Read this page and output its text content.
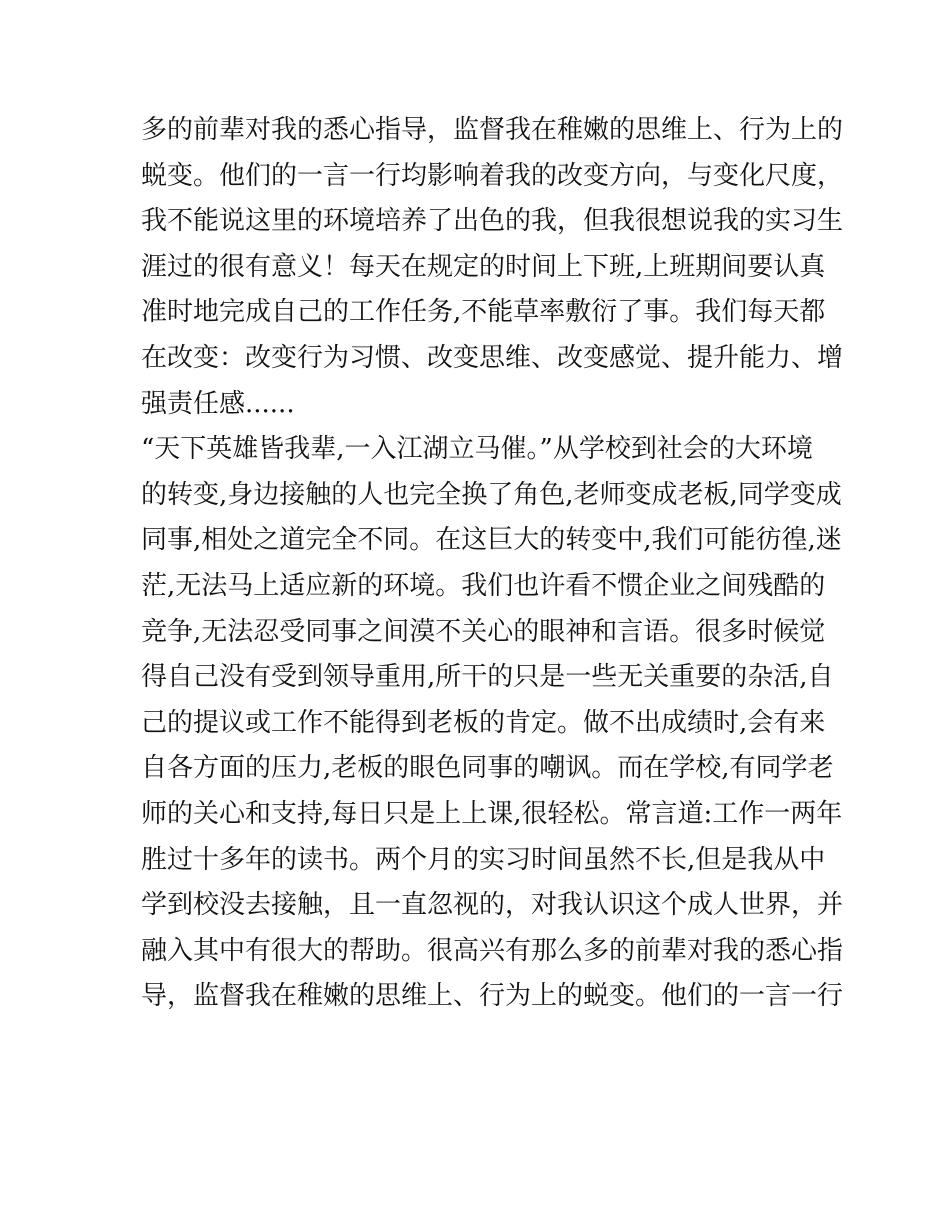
多的前辈对我的悉心指导，监督我在稚嫩的思维上、行为上的
蜕变。他们的一言一行均影响着我的改变方向，与变化尺度，
我不能说这里的环境培养了出色的我，但我很想说我的实习生
涯过的很有意义！每天在规定的时间上下班,上班期间要认真
准时地完成自己的工作任务,不能草率敷衍了事。我们每天都
在改变：改变行为习惯、改变思维、改变感觉、提升能力、增
强责任感......
“天下英雄皆我辈,一入江湖立马催。”从学校到社会的大环境
的转变,身边接触的人也完全换了角色,老师变成老板,同学变成
同事,相处之道完全不同。在这巨大的转变中,我们可能彷徨,迷
茫,无法马上适应新的环境。我们也许看不惯企业之间残酷的
竞争,无法忍受同事之间漠不关心的眼神和言语。很多时候觉
得自己没有受到领导重用,所干的只是一些无关重要的杂活,自
己的提议或工作不能得到老板的肯定。做不出成绩时,会有来
自各方面的压力,老板的眼色同事的嘲讽。而在学校,有同学老
师的关心和支持,每日只是上上课,很轻松。常言道:工作一两年
胜过十多年的读书。两个月的实习时间虽然不长,但是我从中
学到校没去接触，且一直忽视的，对我认识这个成人世界，并
融入其中有很大的帮助。很高兴有那么多的前辈对我的悉心指
导，监督我在稚嫩的思维上、行为上的蜕变。他们的一言一行
